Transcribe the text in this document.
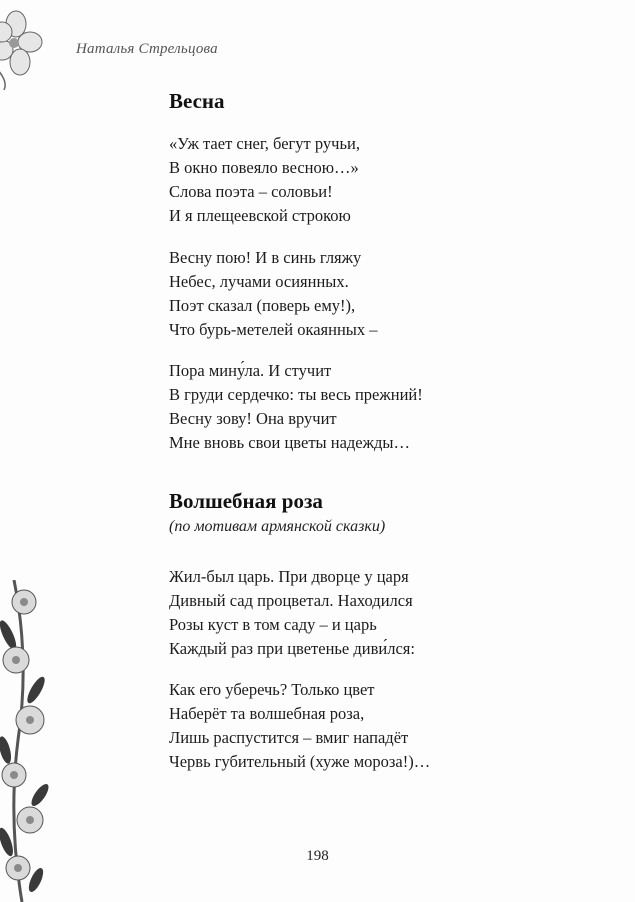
Наталья Стрельцова
Весна
«Уж тает снег, бегут ручьи,
В окно повеяло весною…»
Слова поэта – соловьи!
И я плещеевской строкою
Весну пою! И в синь гляжу
Небес, лучами осиянных.
Поэт сказал (поверь ему!),
Что бурь-метелей окаянных –
Пора мину́ла. И стучит
В груди сердечко: ты весь прежний!
Весну зову! Она вручит
Мне вновь свои цветы надежды…
Волшебная роза
(по мотивам армянской сказки)
Жил-был царь. При дворце у царя
Дивный сад процветал. Находился
Розы куст в том саду – и царь
Каждый раз при цветенье диви́лся:
Как его уберечь? Только цвет
Наберёт та волшебная роза,
Лишь распустится – вмиг нападёт
Червь губительный (хуже мороза!)…
198
